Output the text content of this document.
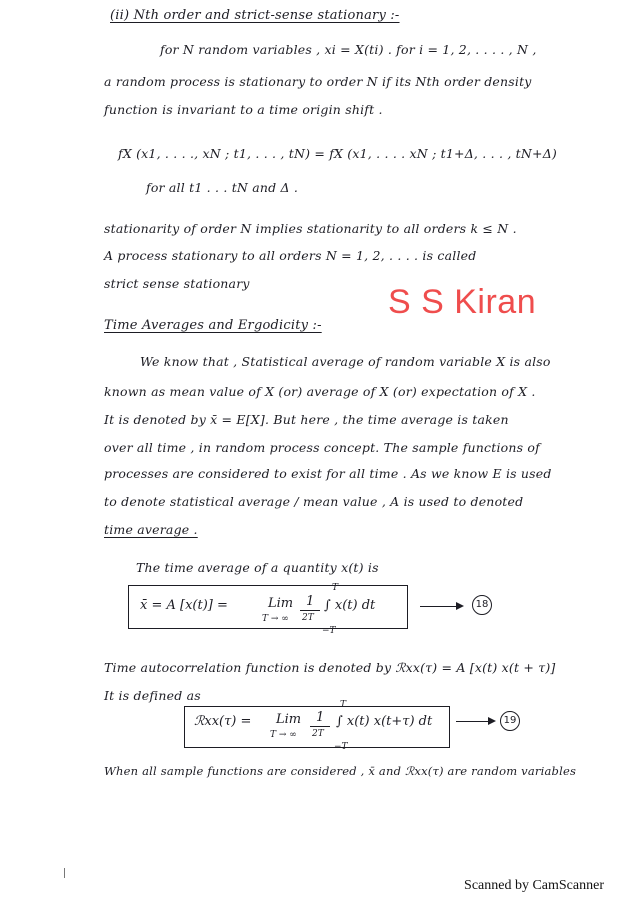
(ii) Nth order and strict-sense stationary :-
for N random variables , xi = X(ti) . for i = 1, 2, . . . . , N ,
a random process is stationary to order N if its Nth order density
function is invariant to a time origin shift .
fX (x1, . . . ., xN ; t1, . . . , tN) = fX (x1, . . . . xN ; t1+Δ, . . . , tN+Δ)
for all t1 . . . tN and Δ .
stationarity of order N implies stationarity to all orders k ≤ N .
A process stationary to all orders N = 1, 2, . . . . is called
strict sense stationary	S S Kiran
Time Averages and Ergodicity :-
We know that , Statistical average of random variable X is also
known as mean value of X (or) average of X (or) expectation of X .
It is denoted by x̄ = E[X]. But here , the time average is taken
over all time , in random process concept. The sample functions of
processes are considered to exist for all time . As we know E is used
to denote statistical average / mean value , A is used to denoted
time average .
The time average of a quantity x(t) is
x̄ = A [x(t)] =	Lim
T → ∞
1
2T
T
∫ x(t) dt
−T
18
Time autocorrelation function is denoted by ℛxx(τ) = A [x(t) x(t + τ)]
It is defined as
ℛxx(τ) = Lim
T → ∞
1
2T
T
∫ x(t) x(t+τ) dt
−T
19
When all sample functions are considered , x̄ and ℛxx(τ) are random variables
Scanned by CamScanner
